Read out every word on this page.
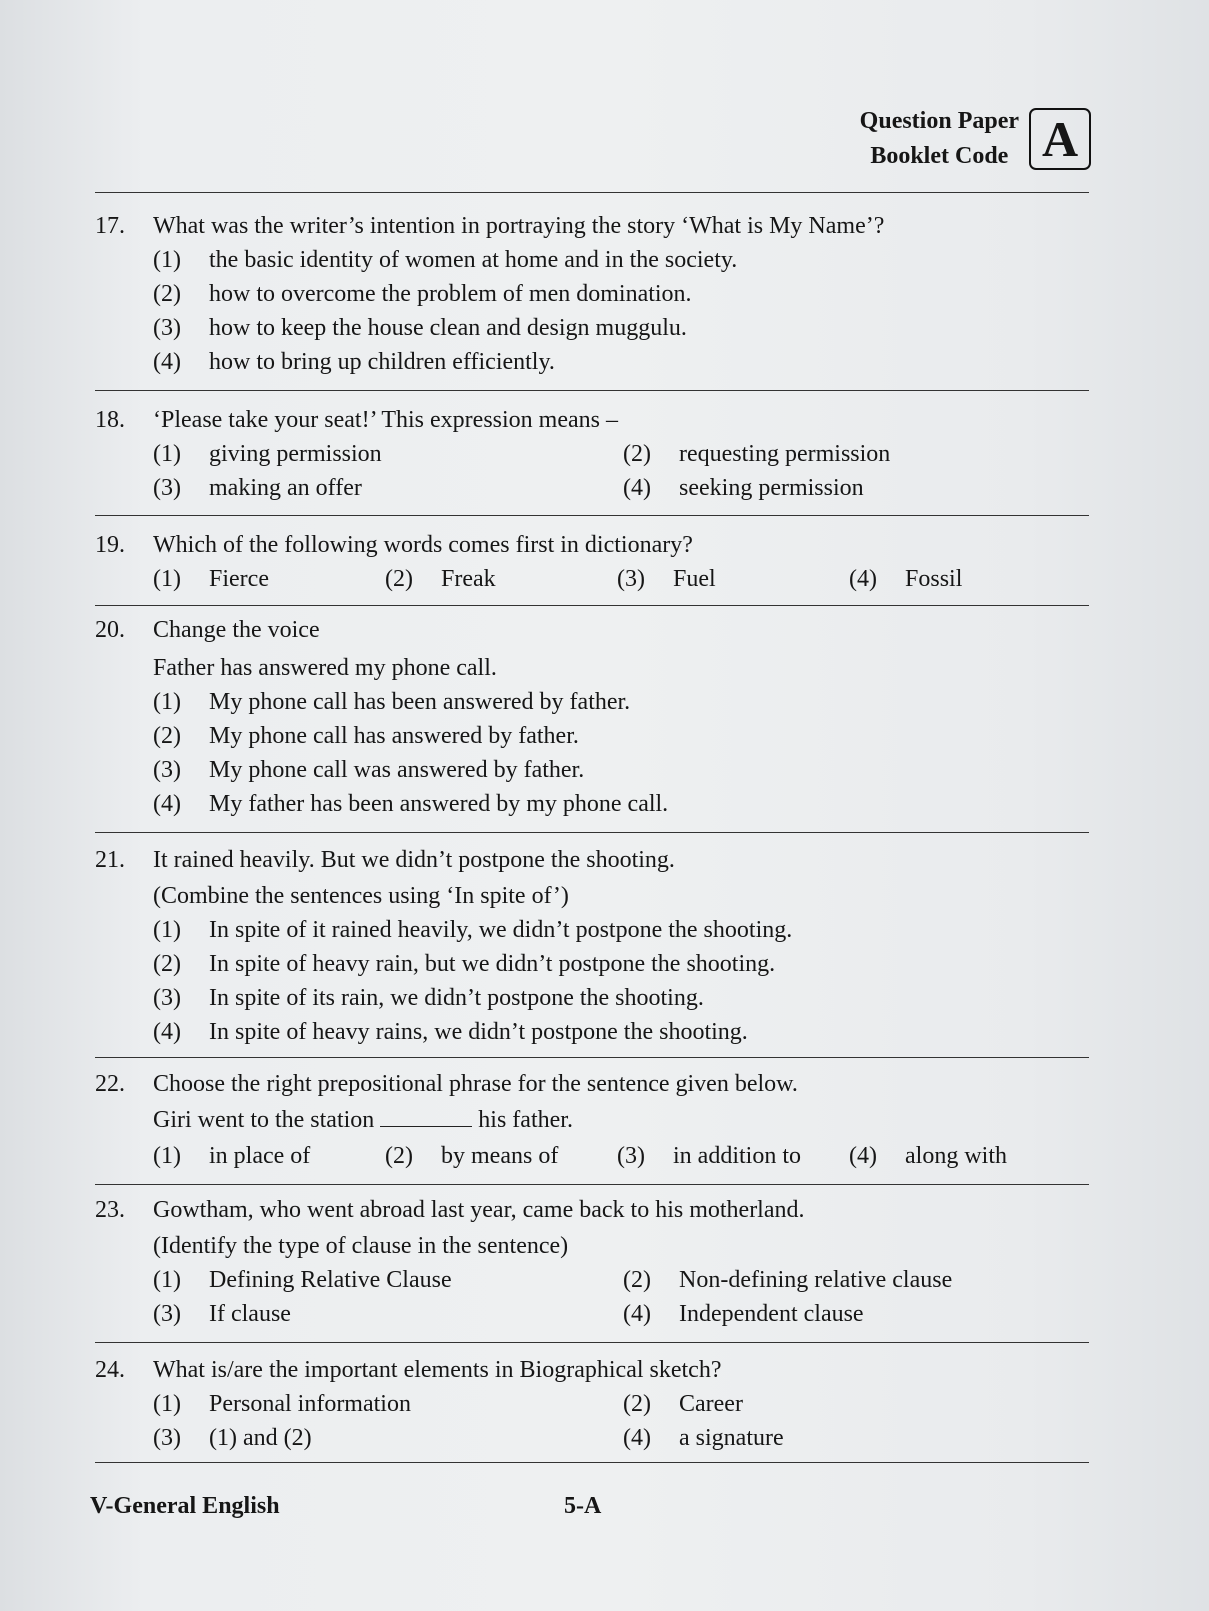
Question Paper
Booklet Code A
17.	What was the writer’s intention in portraying the story ‘What is My Name’?
(1)	the basic identity of women at home and in the society.
(2)	how to overcome the problem of men domination.
(3)	how to keep the house clean and design muggulu.
(4)	how to bring up children efficiently.
18.	‘Please take your seat!’ This expression means –
(1)	giving permission	(2)	requesting permission
(3)	making an offer	(4)	seeking permission
19.	Which of the following words comes first in dictionary?
(1)	Fierce	(2)	Freak	(3)	Fuel	(4)	Fossil
20.	Change the voice
Father has answered my phone call.
(1)	My phone call has been answered by father.
(2)	My phone call has answered by father.
(3)	My phone call was answered by father.
(4)	My father has been answered by my phone call.
21.	It rained heavily. But we didn’t postpone the shooting.
(Combine the sentences using ‘In spite of’)
(1)	In spite of it rained heavily, we didn’t postpone the shooting.
(2)	In spite of heavy rain, but we didn’t postpone the shooting.
(3)	In spite of its rain, we didn’t postpone the shooting.
(4)	In spite of heavy rains, we didn’t postpone the shooting.
22.	Choose the right prepositional phrase for the sentence given below.
Giri went to the station	his father.
(1)	in place of	(2)	by means of (3)	in addition to (4)	along with
23.	Gowtham, who went abroad last year, came back to his motherland.
(Identify the type of clause in the sentence)
(1)	Defining Relative Clause	(2)	Non-defining relative clause
(3)	If clause	(4)	Independent clause
24.	What is/are the important elements in Biographical sketch?
(1)	Personal information	(2)	Career
(3)	(1) and (2)	(4)	a signature
V-General English	5-A
